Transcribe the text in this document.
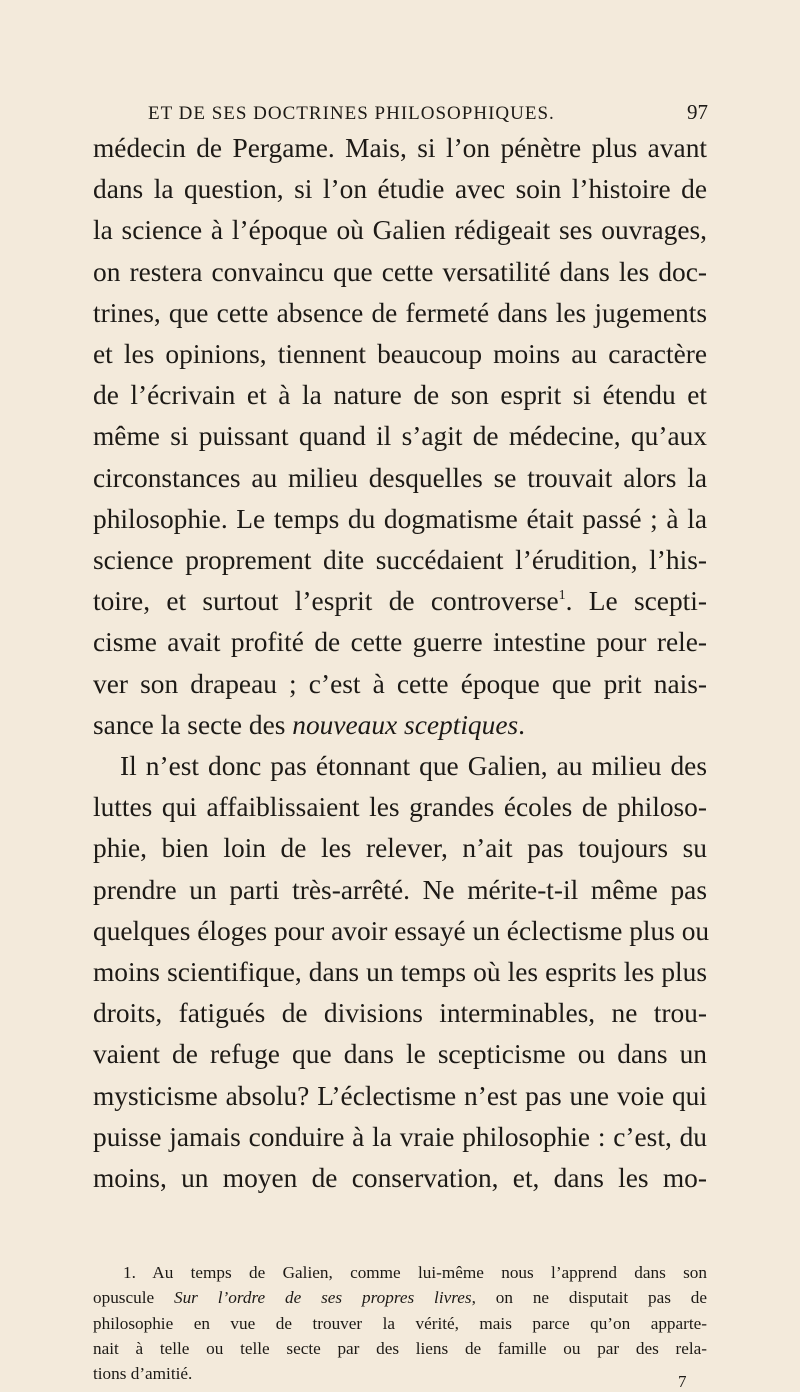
ET DE SES DOCTRINES PHILOSOPHIQUES.	97
médecin de Pergame. Mais, si l’on pénètre plus avant
dans la question, si l’on étudie avec soin l’histoire de
la science à l’époque où Galien rédigeait ses ouvrages,
on restera convaincu que cette versatilité dans les doc-
trines, que cette absence de fermeté dans les jugements
et les opinions, tiennent beaucoup moins au caractère
de l’écrivain et à la nature de son esprit si étendu et
même si puissant quand il s’agit de médecine, qu’aux
circonstances au milieu desquelles se trouvait alors la
philosophie. Le temps du dogmatisme était passé ; à la
science proprement dite succédaient l’érudition, l’his-
toire, et surtout l’esprit de controverse$^1$. Le scepti-
cisme avait profité de cette guerre intestine pour rele-
ver son drapeau ; c’est à cette époque que prit nais-
sance la secte des nouveaux sceptiques.
Il n’est donc pas étonnant que Galien, au milieu des
luttes qui affaiblissaient les grandes écoles de philoso-
phie, bien loin de les relever, n’ait pas toujours su
prendre un parti très-arrêté. Ne mérite-t-il même pas
quelques éloges pour avoir essayé un éclectisme plus ou
moins scientifique, dans un temps où les esprits les plus
droits, fatigués de divisions interminables, ne trou-
vaient de refuge que dans le scepticisme ou dans un
mysticisme absolu? L’éclectisme n’est pas une voie qui
puisse jamais conduire à la vraie philosophie : c’est, du
moins, un moyen de conservation, et, dans les mo-
1. Au temps de Galien, comme lui-même nous l’apprend dans son
opuscule Sur l’ordre de ses propres livres, on ne disputait pas de
philosophie en vue de trouver la vérité, mais parce qu’on apparte-
nait à telle ou telle secte par des liens de famille ou par des rela-
tions d’amitié.	7
